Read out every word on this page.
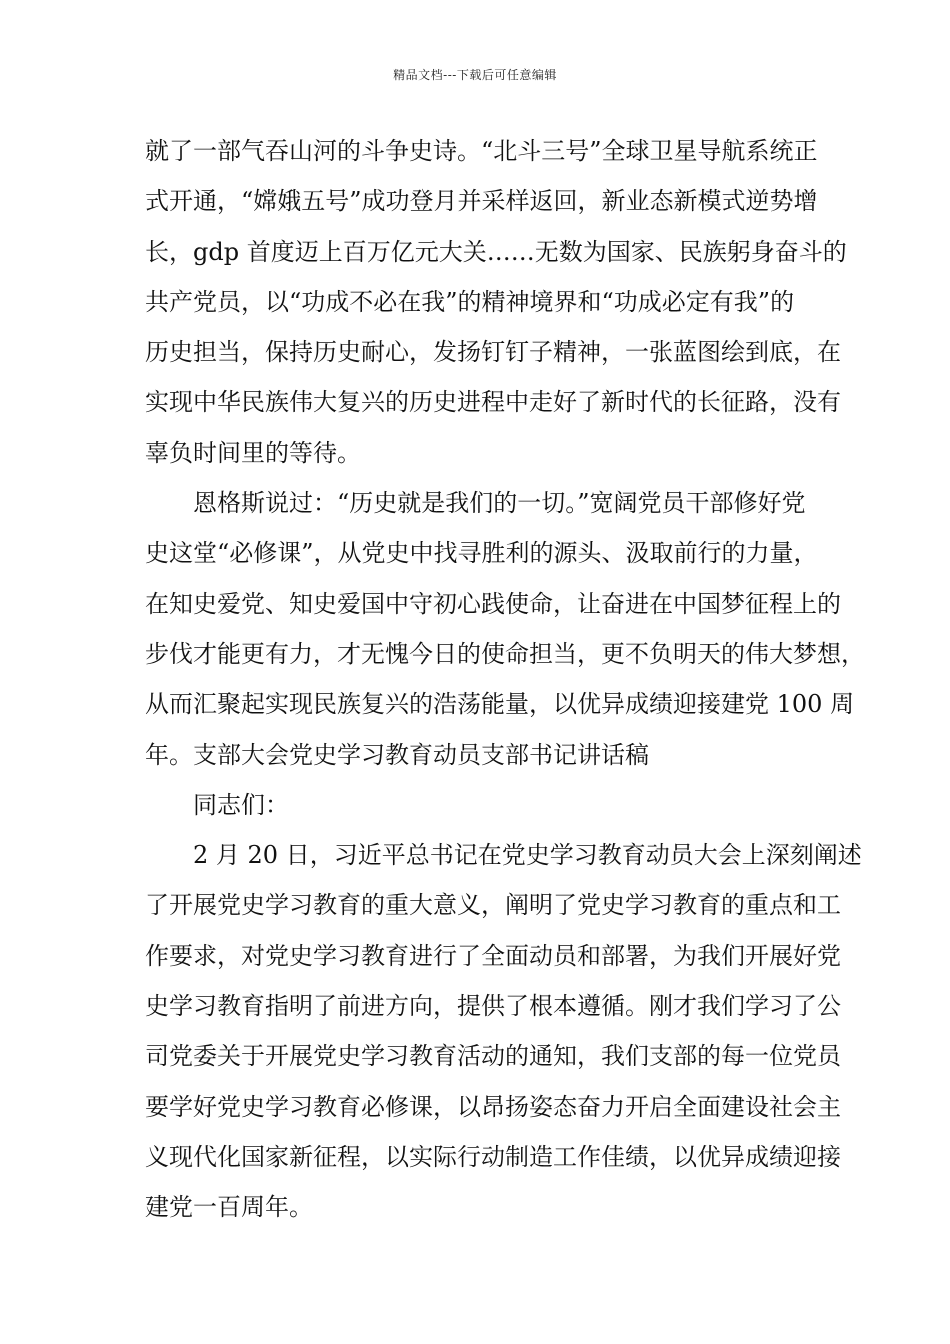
精品文档---下载后可任意编辑
就了一部气吞山河的斗争史诗。“北斗三号”全球卫星导航系统正
式开通，“嫦娥五号”成功登月并采样返回，新业态新模式逆势增
长，gdp 首度迈上百万亿元大关……无数为国家、民族躬身奋斗的
共产党员，以“功成不必在我”的精神境界和“功成必定有我”的
历史担当，保持历史耐心，发扬钉钉子精神，一张蓝图绘到底，在
实现中华民族伟大复兴的历史进程中走好了新时代的长征路，没有
辜负时间里的等待。
恩格斯说过：“历史就是我们的一切。”宽阔党员干部修好党
史这堂“必修课”，从党史中找寻胜利的源头、汲取前行的力量，
在知史爱党、知史爱国中守初心践使命，让奋进在中国梦征程上的
步伐才能更有力，才无愧今日的使命担当，更不负明天的伟大梦想，
从而汇聚起实现民族复兴的浩荡能量，以优异成绩迎接建党 100 周
年。支部大会党史学习教育动员支部书记讲话稿
同志们：
2 月 20 日，习近平总书记在党史学习教育动员大会上深刻阐述
了开展党史学习教育的重大意义，阐明了党史学习教育的重点和工
作要求，对党史学习教育进行了全面动员和部署，为我们开展好党
史学习教育指明了前进方向，提供了根本遵循。刚才我们学习了公
司党委关于开展党史学习教育活动的通知，我们支部的每一位党员
要学好党史学习教育必修课，以昂扬姿态奋力开启全面建设社会主
义现代化国家新征程，以实际行动制造工作佳绩，以优异成绩迎接
建党一百周年。
